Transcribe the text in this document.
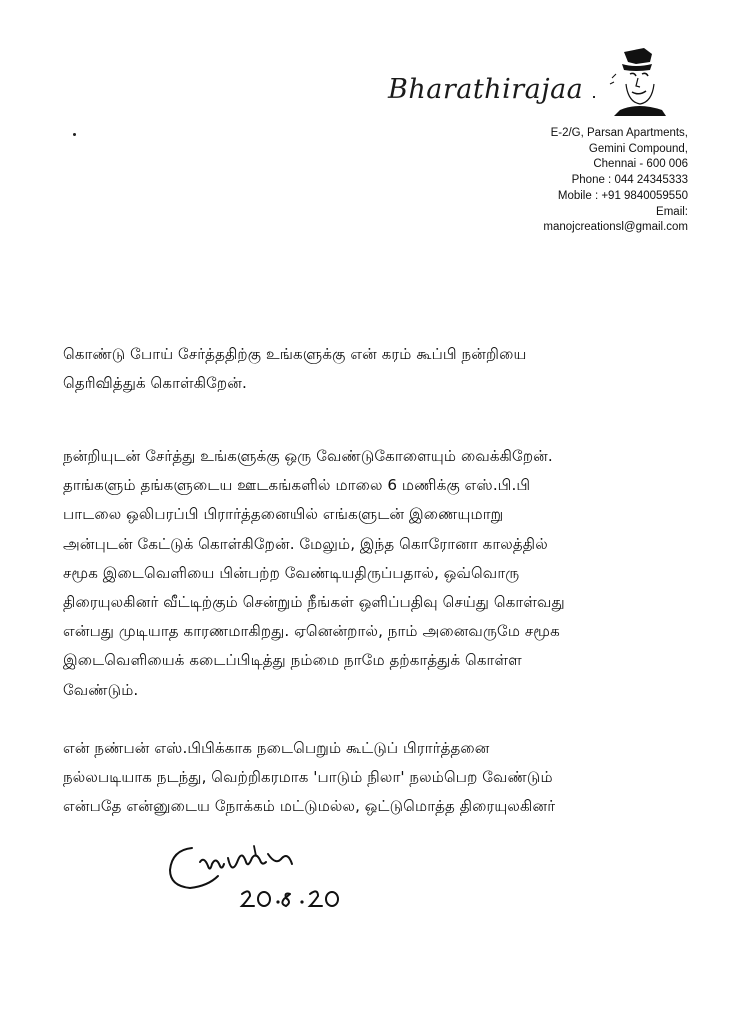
Bharathirajaa
E-2/G, Parsan Apartments,
Gemini Compound,
Chennai - 600 006
Phone : 044 24345333
Mobile : +91 9840059550
Email:
manojcreationsl@gmail.com
கொண்டு போய் சேர்த்ததிற்கு உங்களுக்கு என் கரம் கூப்பி நன்றியை
தெரிவித்துக் கொள்கிறேன்.
நன்றியுடன் சேர்த்து உங்களுக்கு ஒரு வேண்டுகோளையும் வைக்கிறேன்.
தாங்களும் தங்களுடைய ஊடகங்களில் மாலை 6 மணிக்கு எஸ்.பி.பி
பாடலை ஒலிபரப்பி பிரார்த்தனையில் எங்களுடன் இணையுமாறு
அன்புடன் கேட்டுக் கொள்கிறேன். மேலும், இந்த கொரோனா காலத்தில்
சமூக இடைவெளியை பின்பற்ற வேண்டியதிருப்பதால், ஒவ்வொரு
திரையுலகினர் வீட்டிற்கும் சென்றும் நீங்கள் ஒளிப்பதிவு செய்து கொள்வது
என்பது முடியாத காரணமாகிறது. ஏனென்றால், நாம் அனைவருமே சமூக
இடைவெளியைக் கடைப்பிடித்து நம்மை நாமே தற்காத்துக் கொள்ள
வேண்டும்.
என் நண்பன் எஸ்.பிபிக்காக நடைபெறும் கூட்டுப் பிரார்த்தனை
நல்லபடியாக நடந்து, வெற்றிகரமாக 'பாடும் நிலா' நலம்பெற வேண்டும்
என்பதே என்னுடைய நோக்கம் மட்டுமல்ல, ஒட்டுமொத்த திரையுலகினர்
